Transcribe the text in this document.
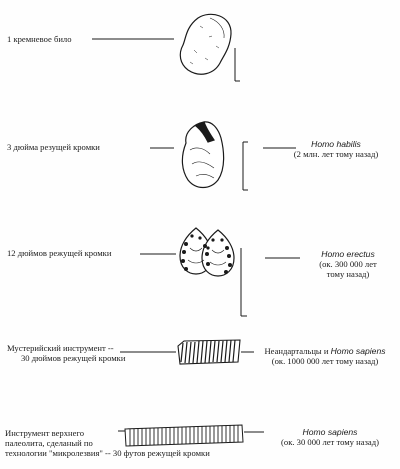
1 кремневое било
3 дюйма резущей кромки
12 дюймов режущей кромки
Мустерийский инструмент --
30 дюймов режущей кромки
Инструмент верхнего
палеолита, сделаный по
технологии "микролезвия" -- 30 футов режущей кромки
Homo habilis
(2 млн. лет тому назад)
Homo erectus
(ок. 300 000 лет
тому назад)
Неандартальцы и Homo sapiens
(ок. 1000 000 лет тому назад)
Homo sapiens
(ок. 30 000 лет тому назад)
